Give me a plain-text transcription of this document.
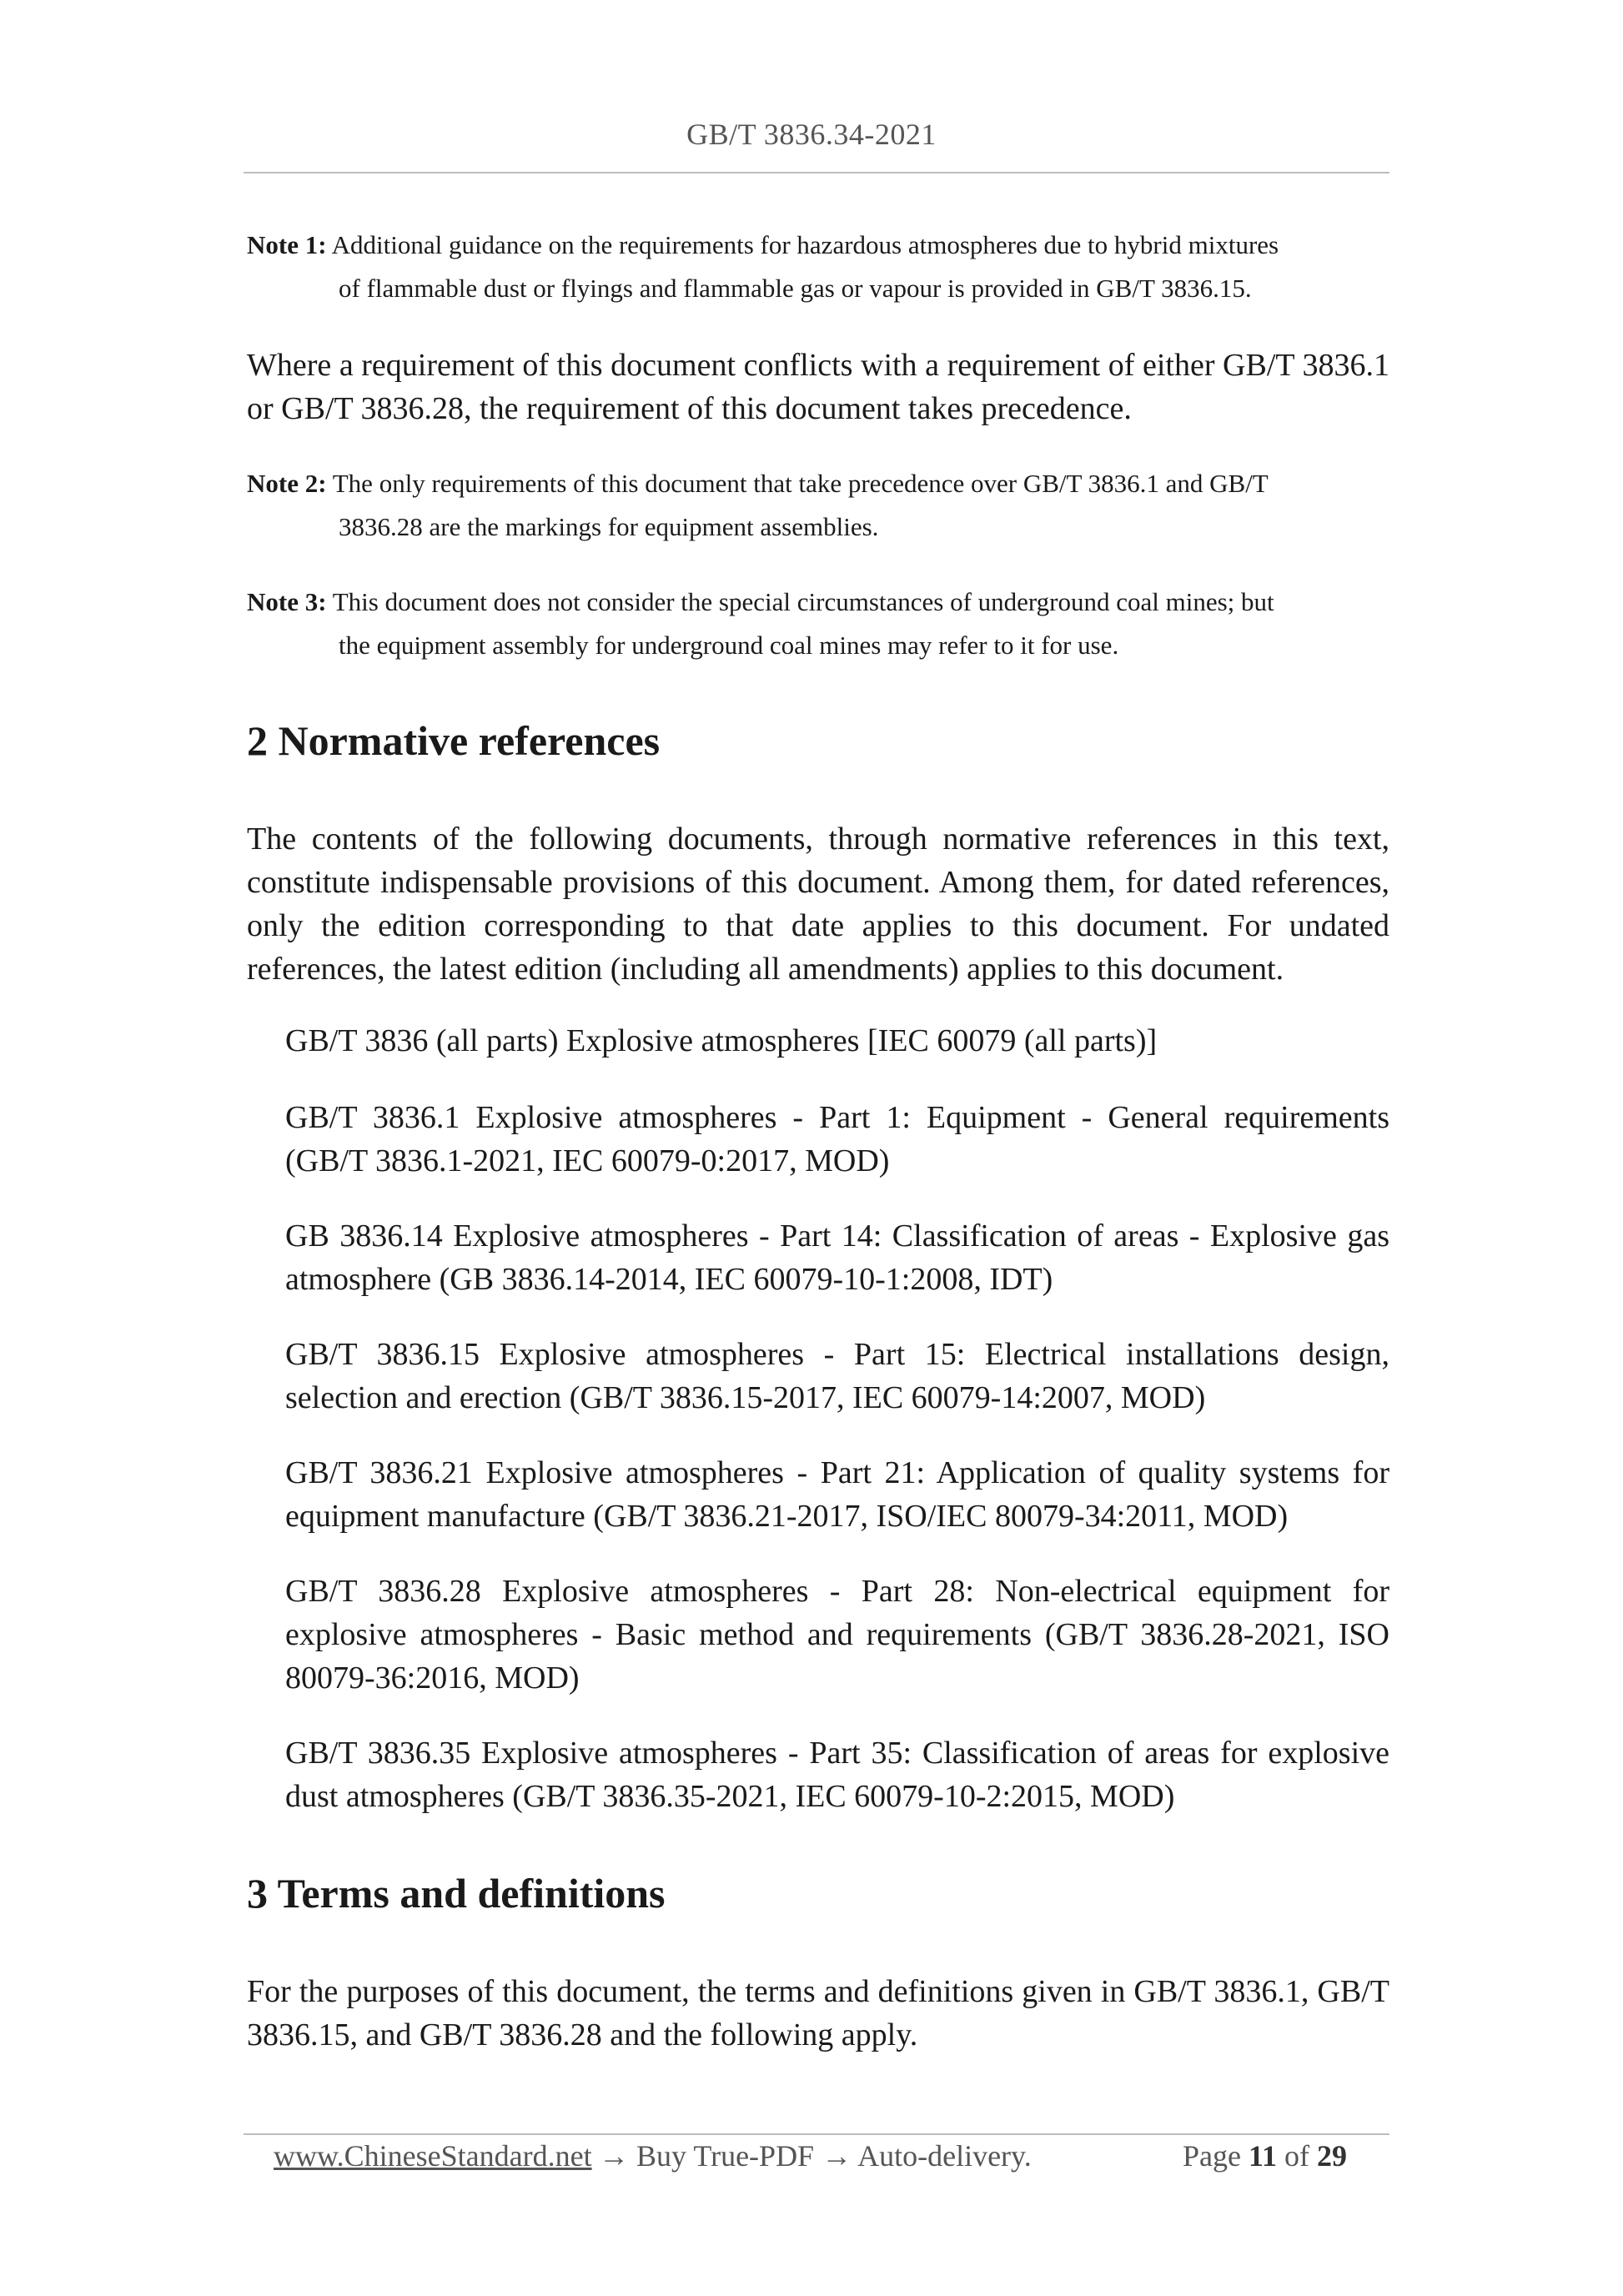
GB/T 3836.34-2021
Note 1: Additional guidance on the requirements for hazardous atmospheres due to hybrid mixtures
of flammable dust or flyings and flammable gas or vapour is provided in GB/T 3836.15.
Where a requirement of this document conflicts with a requirement of either GB/T 3836.1 or GB/T 3836.28, the requirement of this document takes precedence.
Note 2: The only requirements of this document that take precedence over GB/T 3836.1 and GB/T
3836.28 are the markings for equipment assemblies.
Note 3: This document does not consider the special circumstances of underground coal mines; but
the equipment assembly for underground coal mines may refer to it for use.
2 Normative references
The contents of the following documents, through normative references in this text, constitute indispensable provisions of this document. Among them, for dated references, only the edition corresponding to that date applies to this document. For undated references, the latest edition (including all amendments) applies to this document.
GB/T 3836 (all parts) Explosive atmospheres [IEC 60079 (all parts)]
GB/T 3836.1 Explosive atmospheres - Part 1: Equipment - General requirements (GB/T 3836.1-2021, IEC 60079-0:2017, MOD)
GB 3836.14 Explosive atmospheres - Part 14: Classification of areas - Explosive gas atmosphere (GB 3836.14-2014, IEC 60079-10-1:2008, IDT)
GB/T 3836.15 Explosive atmospheres - Part 15: Electrical installations design, selection and erection (GB/T 3836.15-2017, IEC 60079-14:2007, MOD)
GB/T 3836.21 Explosive atmospheres - Part 21: Application of quality systems for equipment manufacture (GB/T 3836.21-2017, ISO/IEC 80079-34:2011, MOD)
GB/T 3836.28 Explosive atmospheres - Part 28: Non-electrical equipment for explosive atmospheres - Basic method and requirements (GB/T 3836.28-2021, ISO 80079-36:2016, MOD)
GB/T 3836.35 Explosive atmospheres - Part 35: Classification of areas for explosive dust atmospheres (GB/T 3836.35-2021, IEC 60079-10-2:2015, MOD)
3 Terms and definitions
For the purposes of this document, the terms and definitions given in GB/T 3836.1, GB/T 3836.15, and GB/T 3836.28 and the following apply.
www.ChineseStandard.net → Buy True-PDF → Auto-delivery.	Page 11 of 29
